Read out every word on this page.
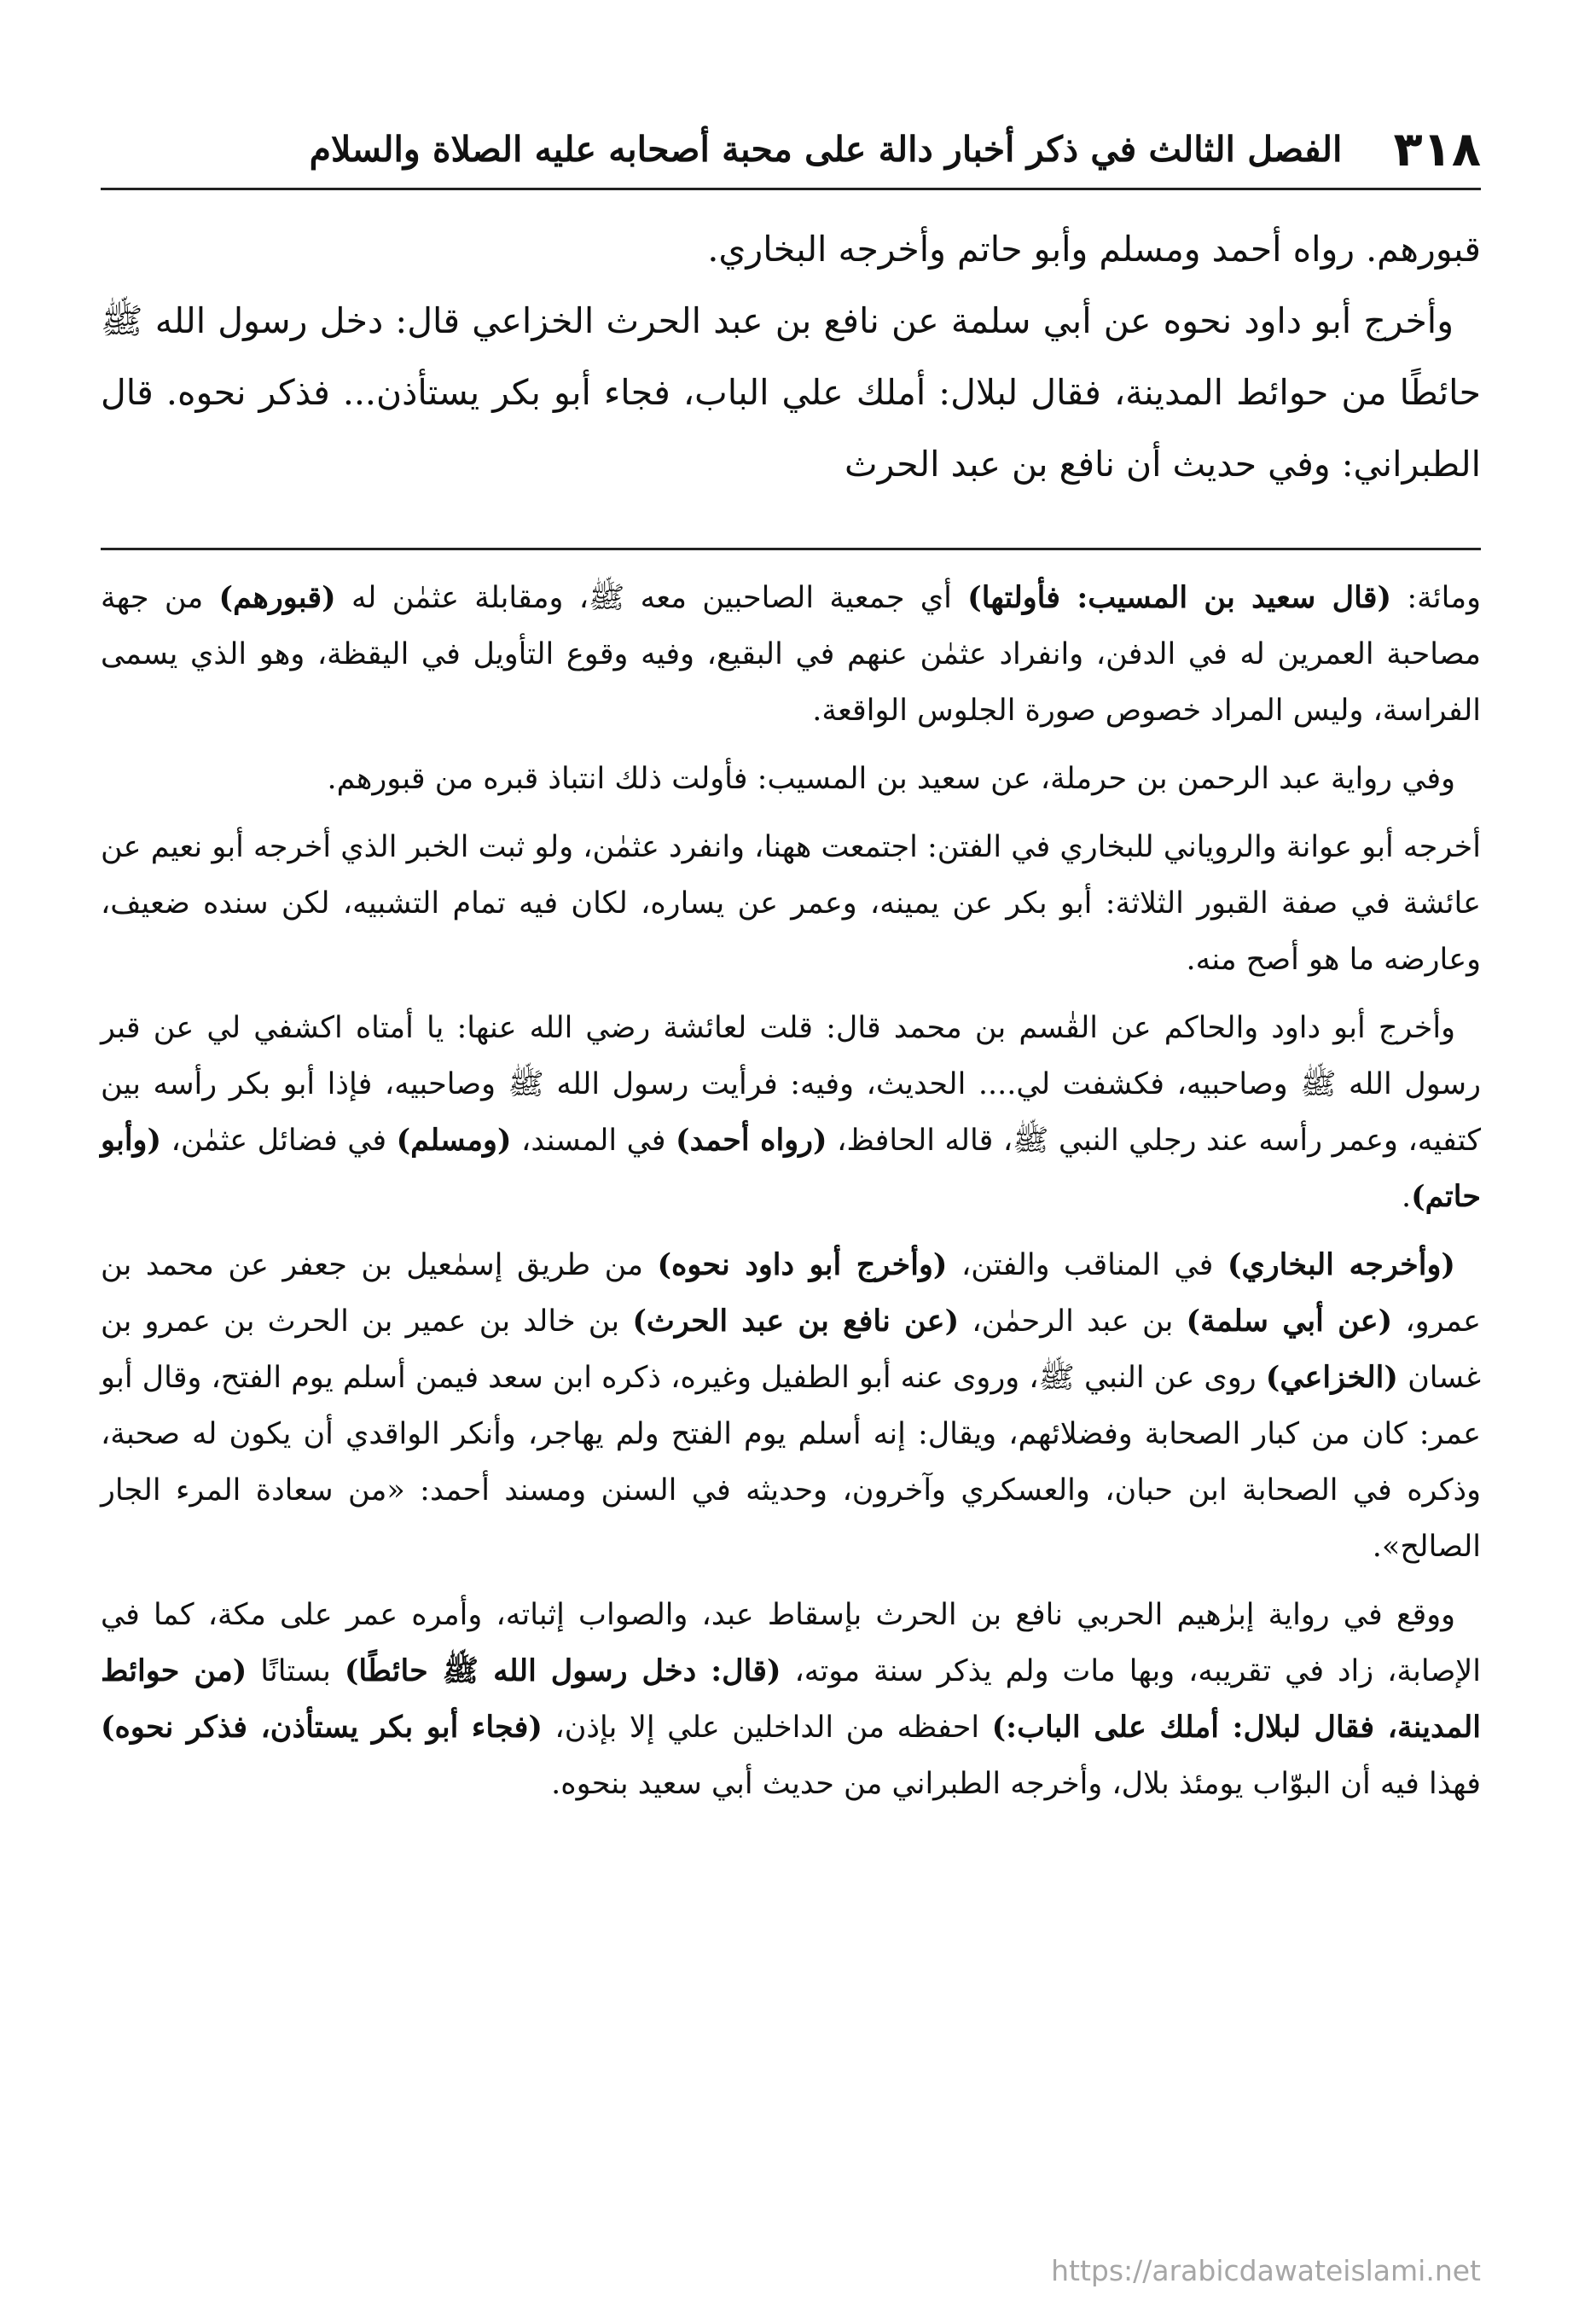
٣١٨
الفصل الثالث في ذكر أخبار دالة على محبة أصحابه عليه الصلاة والسلام

قبورهم. رواه أحمد ومسلم وأبو حاتم وأخرجه البخاري.

وأخرج أبو داود نحوه عن أبي سلمة عن نافع بن عبد الحرث الخزاعي قال: دخل رسول الله ﷺ حائطًا من حوائط المدينة، فقال لبلال: أملك علي الباب، فجاء أبو بكر يستأذن... فذكر نحوه. قال الطبراني: وفي حديث أن نافع بن عبد الحرث

ومائة: (قال سعيد بن المسيب: فأولتها) أي جمعية الصاحبين معه ﷺ، ومقابلة عثمٰن له (قبورهم) من جهة مصاحبة العمرين له في الدفن، وانفراد عثمٰن عنهم في البقيع، وفيه وقوع التأويل في اليقظة، وهو الذي يسمى الفراسة، وليس المراد خصوص صورة الجلوس الواقعة.

وفي رواية عبد الرحمن بن حرملة، عن سعيد بن المسيب: فأولت ذلك انتباذ قبره من قبورهم.

أخرجه أبو عوانة والروياني للبخاري في الفتن: اجتمعت ههنا، وانفرد عثمٰن، ولو ثبت الخبر الذي أخرجه أبو نعيم عن عائشة في صفة القبور الثلاثة: أبو بكر عن يمينه، وعمر عن يساره، لكان فيه تمام التشبيه، لكن سنده ضعيف، وعارضه ما هو أصح منه.

وأخرج أبو داود والحاكم عن القٰسم بن محمد قال: قلت لعائشة رضي الله عنها: يا أمتاه اكشفي لي عن قبر رسول الله ﷺ وصاحبيه، فكشفت لي.... الحديث، وفيه: فرأيت رسول الله ﷺ وصاحبيه، فإذا أبو بكر رأسه بين كتفيه، وعمر رأسه عند رجلي النبي ﷺ، قاله الحافظ، (رواه أحمد) في المسند، (ومسلم) في فضائل عثمٰن، (وأبو حاتم).

(وأخرجه البخاري) في المناقب والفتن، (وأخرج أبو داود نحوه) من طريق إسمٰعيل بن جعفر عن محمد بن عمرو، (عن أبي سلمة) بن عبد الرحمٰن، (عن نافع بن عبد الحرث) بن خالد بن عمير بن الحرث بن عمرو بن غسان (الخزاعي) روى عن النبي ﷺ، وروى عنه أبو الطفيل وغيره، ذكره ابن سعد فيمن أسلم يوم الفتح، وقال أبو عمر: كان من كبار الصحابة وفضلائهم، ويقال: إنه أسلم يوم الفتح ولم يهاجر، وأنكر الواقدي أن يكون له صحبة، وذكره في الصحابة ابن حبان، والعسكري وآخرون، وحديثه في السنن ومسند أحمد: «من سعادة المرء الجار الصالح».

ووقع في رواية إبرٰهيم الحربي نافع بن الحرث بإسقاط عبد، والصواب إثباته، وأمره عمر على مكة، كما في الإصابة، زاد في تقريبه، وبها مات ولم يذكر سنة موته، (قال: دخل رسول الله ﷺ حائطًا) بستانًا (من حوائط المدينة، فقال لبلال: أملك على الباب:) احفظه من الداخلين علي إلا بإذن، (فجاء أبو بكر يستأذن، فذكر نحوه) فهذا فيه أن البوّاب يومئذ بلال، وأخرجه الطبراني من حديث أبي سعيد بنحوه.

https://arabicdawateislami.net
